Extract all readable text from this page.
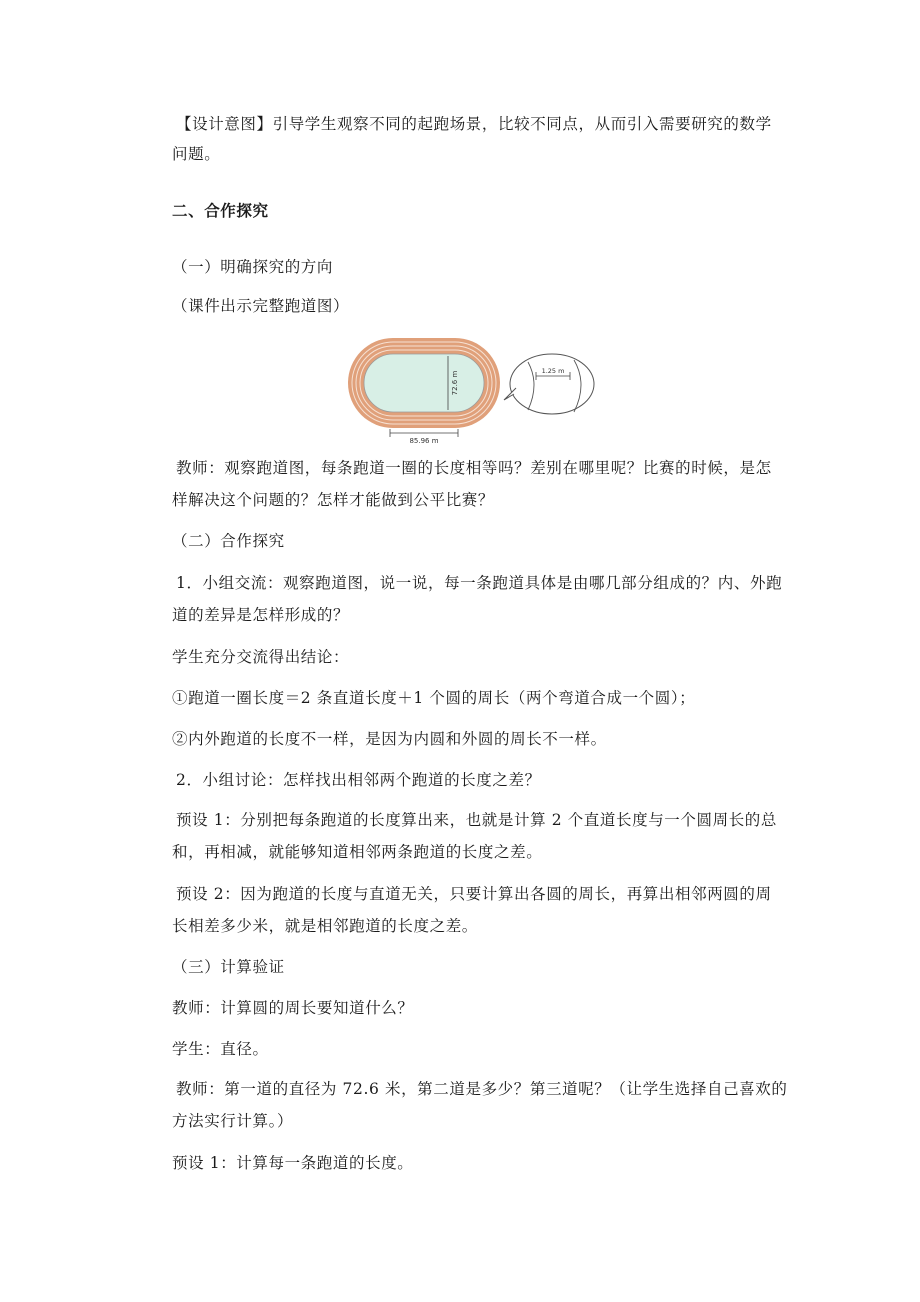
【设计意图】引导学生观察不同的起跑场景，比较不同点，从而引入需要研究的数学
问题。
二、合作探究
（一）明确探究的方向
（课件出示完整跑道图）
72.6 m
85.96 m
1.25 m
教师：观察跑道图，每条跑道一圈的长度相等吗？差别在哪里呢？比赛的时候，是怎
样解决这个问题的？怎样才能做到公平比赛？
（二）合作探究
1．小组交流：观察跑道图，说一说，每一条跑道具体是由哪几部分组成的？内、外跑
道的差异是怎样形成的？
学生充分交流得出结论：
①跑道一圈长度＝2 条直道长度＋1 个圆的周长（两个弯道合成一个圆）；
②内外跑道的长度不一样，是因为内圆和外圆的周长不一样。
2．小组讨论：怎样找出相邻两个跑道的长度之差？
预设 1：分别把每条跑道的长度算出来，也就是计算 2 个直道长度与一个圆周长的总
和，再相减，就能够知道相邻两条跑道的长度之差。
预设 2：因为跑道的长度与直道无关，只要计算出各圆的周长，再算出相邻两圆的周
长相差多少米，就是相邻跑道的长度之差。
（三）计算验证
教师：计算圆的周长要知道什么？
学生：直径。
教师：第一道的直径为 72.6 米，第二道是多少？第三道呢？（让学生选择自己喜欢的
方法实行计算。）
预设 1：计算每一条跑道的长度。
